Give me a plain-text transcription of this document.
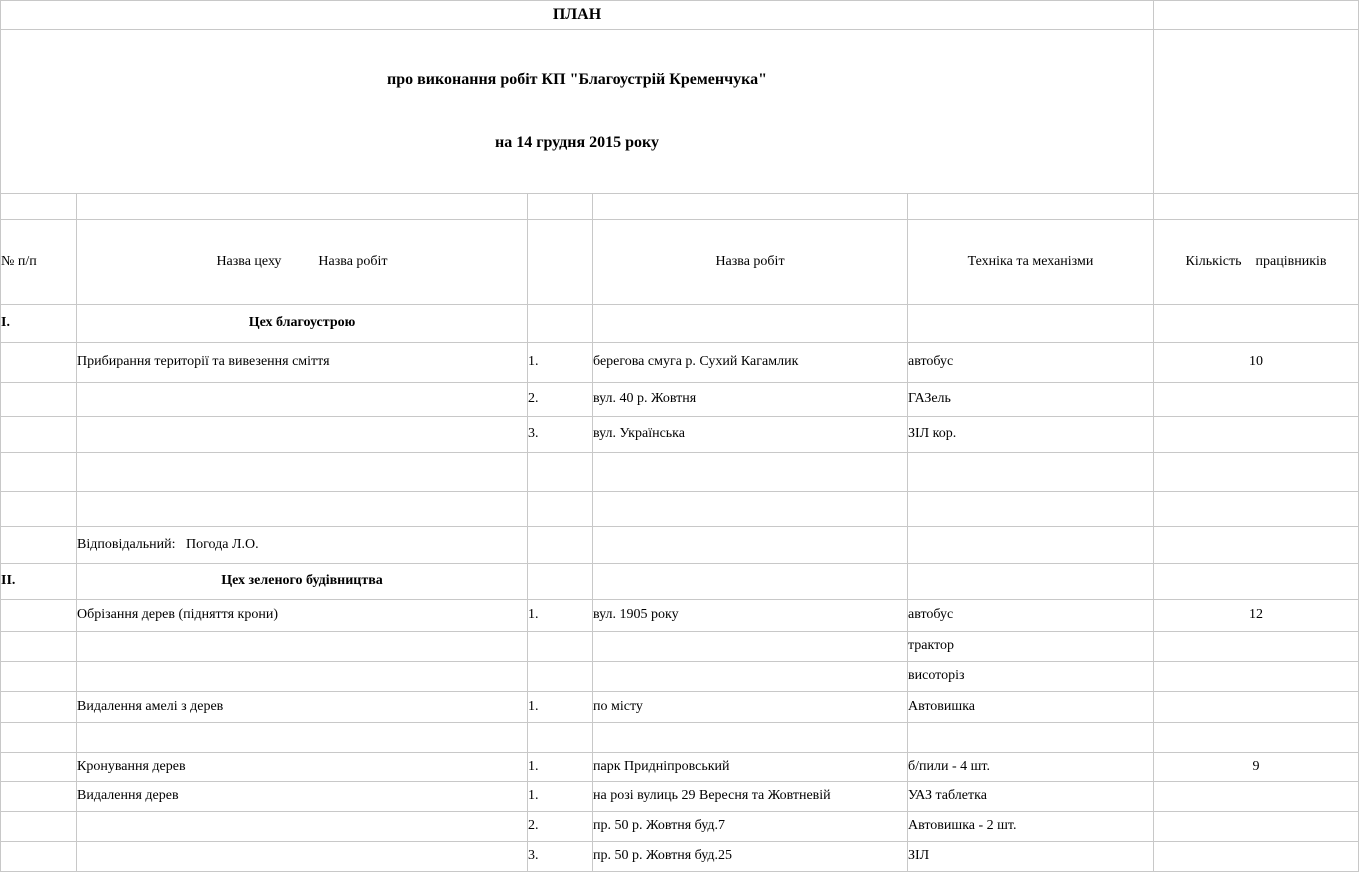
ПЛАН					

про виконання робіт КП "Благоустрій Кременчука"

на 14 грудня 2015 року					

№ п/п	Назва цеху Назва робіт		Назва робіт	Техніка та механізми	Кількість    працівників
I.	Цех благоустрою				
	Прибирання території та вивезення сміття	1.	берегова смуга р. Сухий Кагамлик	автобус	10
		2.	вул. 40 р. Жовтня	ГАЗель	
		3.	вул. Українська	ЗІЛ кор.	

	Відповідальний:   Погода Л.О.				
II.	Цех зеленого будівництва				
	Обрізання дерев (підняття крони)	1.	вул. 1905 року	автобус	12
				трактор	
				висоторіз	
	Видалення амелі з дерев	1.	по місту	Автовишка	

	Кронування дерев	1.	парк Придніпровський	б/пили - 4 шт.	9
	Видалення дерев	1.	на розі вулиць 29 Вересня та Жовтневій	УАЗ таблетка	
		2.	пр. 50 р. Жовтня буд.7	Автовишка - 2 шт.	
		3.	пр. 50 р. Жовтня буд.25	ЗІЛ	
